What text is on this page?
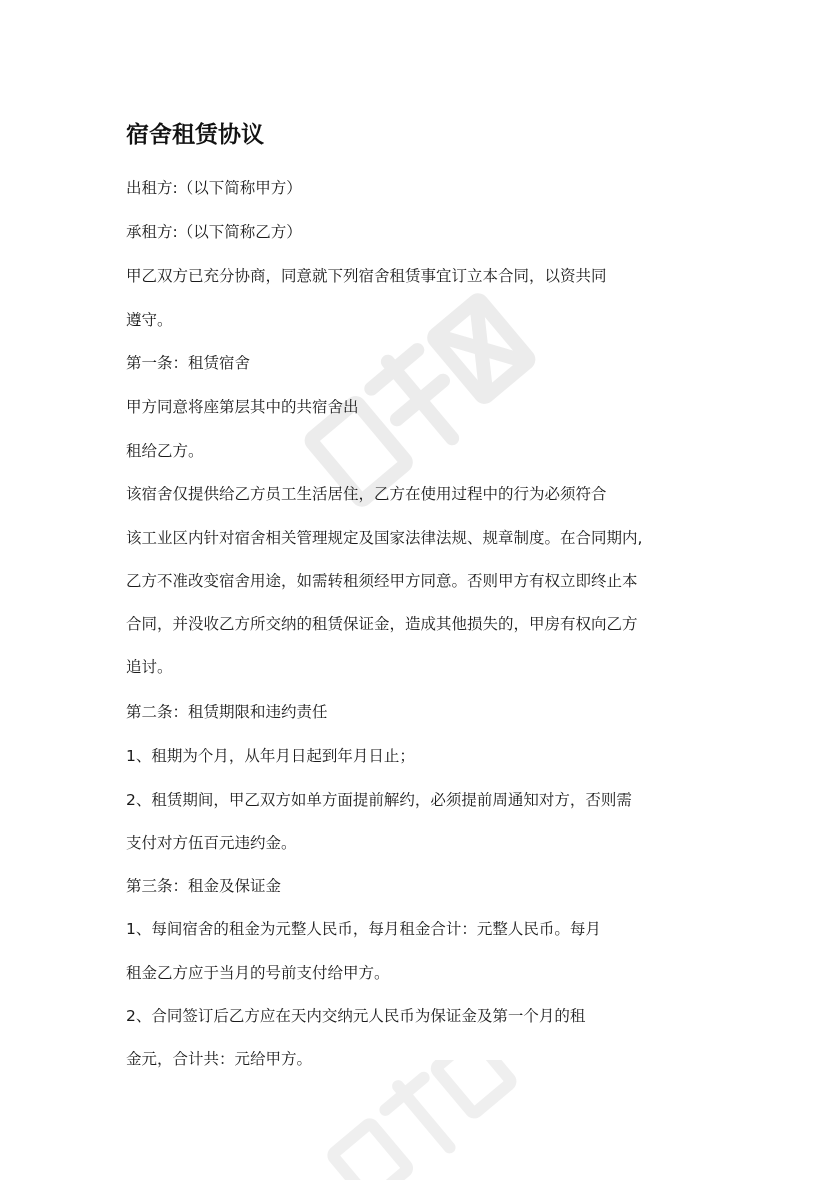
宿舍租赁协议
出租方:（以下简称甲方）
承租方:（以下简称乙方）
甲乙双方已充分协商，同意就下列宿舍租赁事宜订立本合同，以资共同
遵守。
第一条：租赁宿舍
甲方同意将座第层其中的共宿舍出
租给乙方。
该宿舍仅提供给乙方员工生活居住，乙方在使用过程中的行为必须符合
该工业区内针对宿舍相关管理规定及国家法律法规、规章制度。在合同期内,
乙方不准改变宿舍用途，如需转租须经甲方同意。否则甲方有权立即终止本
合同，并没收乙方所交纳的租赁保证金，造成其他损失的，甲房有权向乙方
追讨。
第二条：租赁期限和违约责任
1、租期为个月，从年月日起到年月日止；
2、租赁期间，甲乙双方如单方面提前解约，必须提前周通知对方，否则需
支付对方伍百元违约金。
第三条：租金及保证金
1、每间宿舍的租金为元整人民币，每月租金合计：元整人民币。每月
租金乙方应于当月的号前支付给甲方。
2、合同签订后乙方应在天内交纳元人民币为保证金及第一个月的租
金元，合计共：元给甲方。
